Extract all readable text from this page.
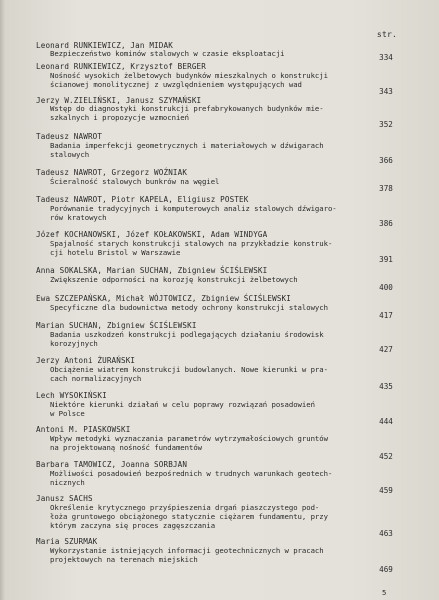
str.
Leonard RUNKIEWICZ, Jan MIDAK
Bezpieczeństwo kominów stalowych w czasie eksploatacji	334
Leonard RUNKIEWICZ, Krzysztof BERGER
Nośność wysokich żelbetowych budynków mieszkalnych o konstrukcji
ścianowej monolitycznej z uwzględnieniem występujących wad
343
Jerzy W.ZIELIŃSKI, Janusz SZYMAŃSKI
Wstęp do diagnostyki konstrukcji prefabrykowanych budynków mie-
szkalnych i propozycje wzmocnień
352
Tadeusz NAWROT
Badania imperfekcji geometrycznych i materiałowych w dźwigarach
stalowych
366
Tadeusz NAWROT, Grzegorz WOŹNIAK
Ścieralność stalowych bunkrów na węgiel
378
Tadeusz NAWROT, Piotr KAPELA, Eligiusz POSTEK
Porównanie tradycyjnych i komputerowych analiz stalowych dźwigaro-
rów kratowych
386
Józef KOCHANOWSKI, Józef KOŁAKOWSKI, Adam WINDYGA
Spajalność starych konstrukcji stalowych na przykładzie konstruk-
cji hotelu Bristol w Warszawie
391
Anna SOKALSKA, Marian SUCHAN, Zbigniew ŚCIŚLEWSKI
Zwiększenie odporności na korozję konstrukcji żelbetowych
400
Ewa SZCZEPAŃSKA, Michał WÓJTOWICZ, Zbigniew ŚCIŚLEWSKI
Specyficzne dla budownictwa metody ochrony konstrukcji stalowych
417
Marian SUCHAN, Zbigniew ŚCIŚLEWSKI
Badania uszkodzeń konstrukcji podlegających działaniu środowisk
korozyjnych
427
Jerzy Antoni ŻURAŃSKI
Obciążenie wiatrem konstrukcji budowlanych. Nowe kierunki w pra-
cach normalizacyjnych
435
Lech WYSOKIŃSKI
Niektóre kierunki działań w celu poprawy rozwiązań posadowień
w Polsce
444
Antoni M. PIASKOWSKI
Wpływ metodyki wyznaczania parametrów wytrzymałościowych gruntów
na projektowaną nośność fundamentów
452
Barbara TAMOWICZ, Joanna SORBJAN
Możliwości posadowień bezpośrednich w trudnych warunkach geotech-
nicznych
459
Janusz SACHS
Określenie krytycznego przyśpieszenia drgań piaszczystego pod-
łoża gruntowego obciążonego statycznie ciężarem fundamentu, przy
którym zaczyna się proces zagęszczania
463
Maria SZURMAK
Wykorzystanie istniejących informacji geotechnicznych w pracach
projektowych na terenach miejskich
469
5
